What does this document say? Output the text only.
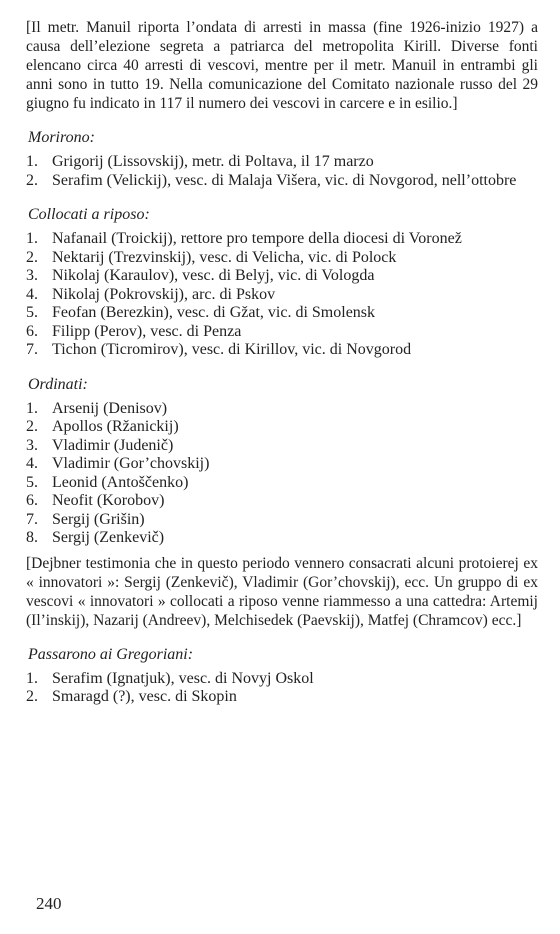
[Il metr. Manuil riporta l’ondata di arresti in massa (fine 1926-inizio 1927) a causa dell’elezione segreta a patriarca del metropolita Kirill. Diverse fonti elencano circa 40 arresti di vescovi, mentre per il metr. Manuil in entrambi gli anni sono in tutto 19. Nella comunicazione del Comitato nazionale russo del 29 giugno fu indicato in 117 il numero dei vescovi in carcere e in esilio.]

Morirono:
1. Grigorij (Lissovskij), metr. di Poltava, il 17 marzo
2. Serafim (Velickij), vesc. di Malaja Višera, vic. di Novgorod, nell’ottobre
Collocati a riposo:
1. Nafanail (Troickij), rettore pro tempore della diocesi di Voronež
2. Nektarij (Trezvinskij), vesc. di Velicha, vic. di Polock
3. Nikolaj (Karaulov), vesc. di Belyj, vic. di Vologda
4. Nikolaj (Pokrovskij), arc. di Pskov
5. Feofan (Berezkin), vesc. di Gžat, vic. di Smolensk
6. Filipp (Perov), vesc. di Penza
7. Tichon (Ticromirov), vesc. di Kirillov, vic. di Novgorod
Ordinati:
1. Arsenij (Denisov)
2. Apollos (Ržanickij)
3. Vladimir (Judenič)
4. Vladimir (Gor’chovskij)
5. Leonid (Antoščenko)
6. Neofit (Korobov)
7. Sergij (Grišin)
8. Sergij (Zenkevič)

[Dejbner testimonia che in questo periodo vennero consacrati alcuni protoierej ex « innovatori »: Sergij (Zenkevič), Vladimir (Gor’chovskij), ecc. Un gruppo di ex vescovi « innovatori » collocati a riposo venne riammesso a una cattedra: Artemij (Il’inskij), Nazarij (Andreev), Melchisedek (Paevskij), Matfej (Chramcov) ecc.]

Passarono ai Gregoriani:
1. Serafim (Ignatjuk), vesc. di Novyj Oskol
2. Smaragd (?), vesc. di Skopin
240
